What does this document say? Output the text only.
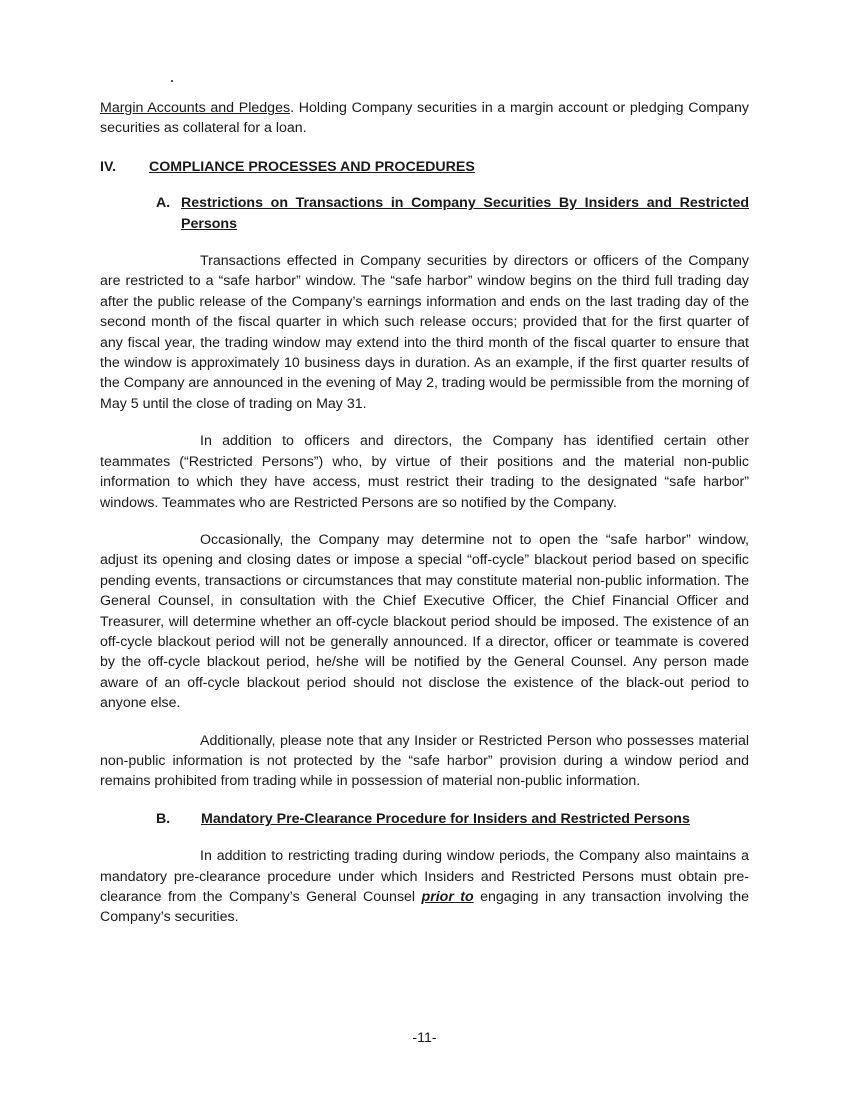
Margin Accounts and Pledges. Holding Company securities in a margin account or pledging Company securities as collateral for a loan.

IV.	COMPLIANCE PROCESSES AND PROCEDURES
A. Restrictions on Transactions in Company Securities By Insiders and Restricted Persons

Transactions effected in Company securities by directors or officers of the Company are restricted to a “safe harbor” window. The “safe harbor” window begins on the third full trading day after the public release of the Company’s earnings information and ends on the last trading day of the second month of the fiscal quarter in which such release occurs; provided that for the first quarter of any fiscal year, the trading window may extend into the third month of the fiscal quarter to ensure that the window is approximately 10 business days in duration. As an example, if the first quarter results of the Company are announced in the evening of May 2, trading would be permissible from the morning of May 5 until the close of trading on May 31.

In addition to officers and directors, the Company has identified certain other teammates (“Restricted Persons”) who, by virtue of their positions and the material non-public information to which they have access, must restrict their trading to the designated “safe harbor” windows. Teammates who are Restricted Persons are so notified by the Company.

Occasionally, the Company may determine not to open the “safe harbor” window, adjust its opening and closing dates or impose a special “off-cycle” blackout period based on specific pending events, transactions or circumstances that may constitute material non-public information. The General Counsel, in consultation with the Chief Executive Officer, the Chief Financial Officer and Treasurer, will determine whether an off-cycle blackout period should be imposed. The existence of an off-cycle blackout period will not be generally announced. If a director, officer or teammate is covered by the off-cycle blackout period, he/she will be notified by the General Counsel. Any person made aware of an off-cycle blackout period should not disclose the existence of the black-out period to anyone else.

Additionally, please note that any Insider or Restricted Person who possesses material non-public information is not protected by the “safe harbor” provision during a window period and remains prohibited from trading while in possession of material non-public information.

B.	Mandatory Pre-Clearance Procedure for Insiders and Restricted Persons

In addition to restricting trading during window periods, the Company also maintains a mandatory pre-clearance procedure under which Insiders and Restricted Persons must obtain pre-clearance from the Company’s General Counsel prior to engaging in any transaction involving the Company’s securities.

-11-
